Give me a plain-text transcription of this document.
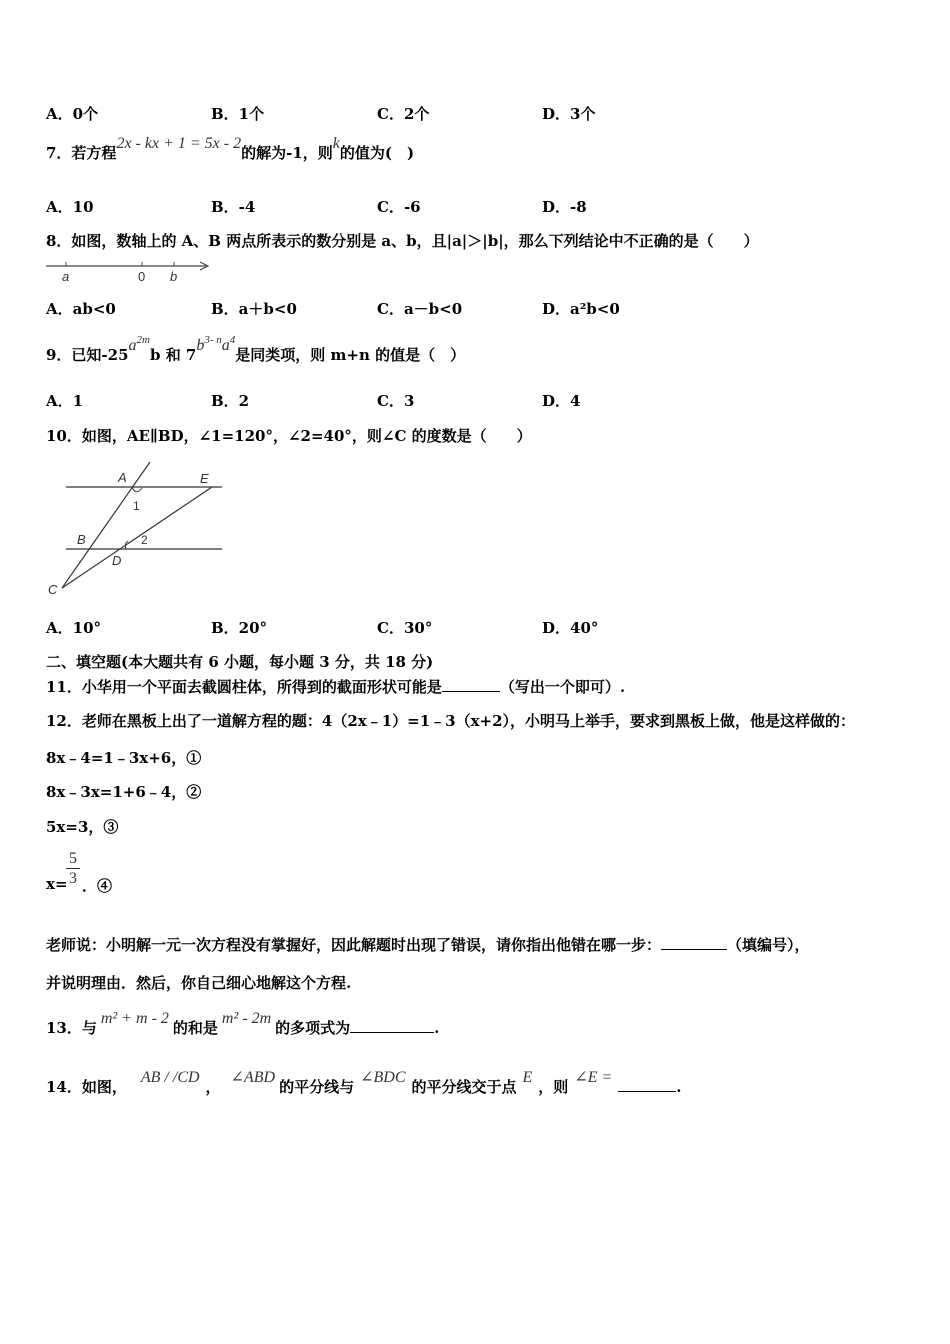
A．0个	B．1个	C．2个	D．3个
7．若方程2x - kx + 1 = 5x - 2的解为-1，则k的值为(　)
A．10	B．-4	C．-6	D．-8
8．如图，数轴上的 A、B 两点所表示的数分别是 a、b，且|a|＞|b|，那么下列结论中不正确的是（　　）
a	0 b
A．ab<0	B．a＋b<0	C．a－b<0	D．a²b<0
9．已知$-25a^{2m}b$ 和 $7b^{3- n}a^4$是同类项，则 m+n 的值是（　）
A．1	B．2	C．3	D．4
10．如图，AE∥BD，∠1=120°，∠2=40°，则∠C 的度数是（　　）
A	E
1
B	2
D
C
A．10°	B．20°	C．30°	D．40°
二、填空题(本大题共有 6 小题，每小题 3 分，共 18 分)
11．小华用一个平面去截圆柱体，所得到的截面形状可能是	（写出一个即可）.
12．老师在黑板上出了一道解方程的题：4（2x﹣1）=1﹣3（x+2），小明马上举手，要求到黑板上做，他是这样做的：
8x﹣4=1﹣3x+6，①
8x﹣3x=1+6﹣4，②
5x=3，③
x=
$\frac{5}{3}$ ．④
老师说：小明解一元一次方程没有掌握好，因此解题时出现了错误，请你指出他错在哪一步：	（填编号），
并说明理由．然后，你自己细心地解这个方程.
13．与m² + m - 2的和是m² - 2m的多项式为	.
14．如图，AB / /CD，∠ABD的平分线与∠BDC的平分线交于点E，则∠E =.
